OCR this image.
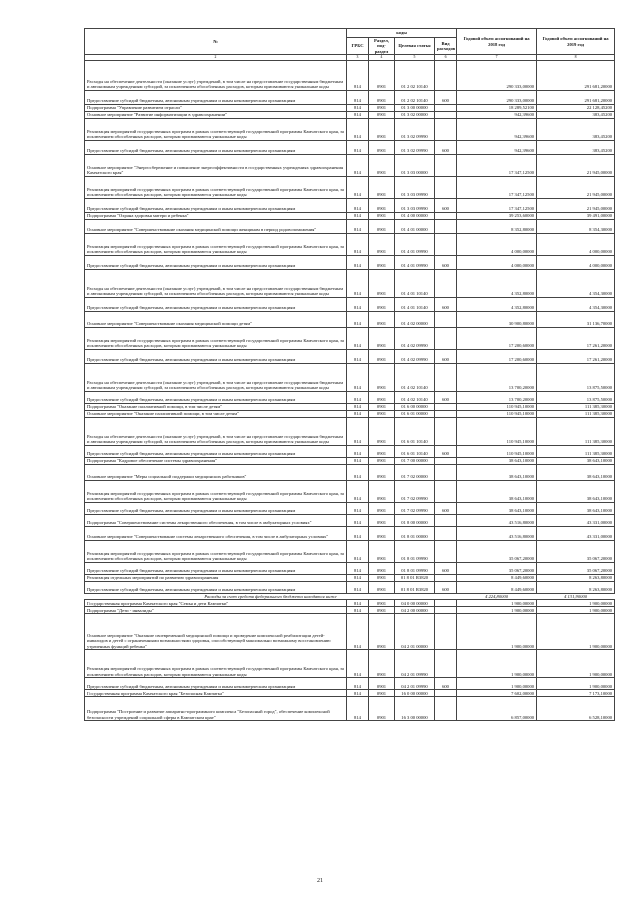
№	коды				Годовой объем ассигнований на 2018 год	Годовой объем ассигнований на 2019 год
	ГРБС	Раздел, под-раздел	Целевая статья	Вид расходов		
2	3	4	5	6	7	8
Расходы на обеспечение деятельности (оказание услуг) учреждений, в том числе на предоставление государственным бюджетным и автономным учреждениям субсидий, за исключением обособленных расходов, которым присваиваются уникальные коды	814	0901	01 2 02 10140		290 333,00000	291 681,20000
Предоставление субсидий бюджетным, автономным учреждениям и иным некоммерческим организациям	814	0901	01 2 02 10140	600	290 333,00000	291 681,20000
Подпрограмма "Управление развитием отрасли"	814	0901	01 3 00 00000		18 289,52100	22 128,45200
Основное мероприятие "Развитие информатизации в здравоохранении"	814	0901	01 3 02 00000		942,39600	383,45200
Реализация мероприятий государственных программ в рамках соответствующей государственной программы Камчатского края, за исключением обособленных расходов, которым присваиваются уникальные коды	814	0901	01 3 02 09990		942,39600	383,45200
Предоставление субсидий бюджетным, автономным учреждениям и иным некоммерческим организациям	814	0901	01 3 02 09990	600	942,39600	383,45200
Основное мероприятие "Энергосбережение и повышение энергоэффективности в государственных учреждениях здравоохранения Камчатского края"	814	0901	01 3 03 00000		17 347,12500	21 945,00000
Реализация мероприятий государственных программ в рамках соответствующей государственной программы Камчатского края, за исключением обособленных расходов, которым присваиваются уникальные коды	814	0901	01 3 03 09990		17 347,12500	21 945,00000
Предоставление субсидий бюджетным, автономным учреждениям и иным некоммерческим организациям	814	0901	01 3 03 09990	600	17 347,12500	21 945,00000
Подпрограмма "Охрана здоровья матери и ребенка"	814	0901	01 4 00 00000		39 253,60000	39 491,00000
Основное мероприятие "Совершенствование оказания медицинской помощи женщинам в период родовспоможения"	814	0901	01 4 01 00000		8 352,80000	8 354,30000
Реализация мероприятий государственных программ в рамках соответствующей государственной программы Камчатского края, за исключением обособленных расходов, которым присваиваются уникальные коды	814	0901	01 4 01 09990		4 000,00000	4 000,00000
Предоставление субсидий бюджетным, автономным учреждениям и иным некоммерческим организациям	814	0901	01 4 01 09990	600	4 000,00000	4 000,00000
Расходы на обеспечение деятельности (оказание услуг) учреждений, в том числе на предоставление государственным бюджетным и автономным учреждениям субсидий, за исключением обособленных расходов, которым присваиваются уникальные коды	814	0901	01 4 01 10140		4 352,80000	4 354,30000
Предоставление субсидий бюджетным, автономным учреждениям и иным некоммерческим организациям	814	0901	01 4 01 10140	600	4 352,80000	4 354,30000
Основное мероприятие "Совершенствование оказания медицинской помощи детям"	814	0901	01 4 02 00000		30 900,80000	31 136,70000
Реализация мероприятий государственных программ в рамках соответствующей государственной программы Камчатского края, за исключением обособленных расходов, которым присваиваются уникальные коды	814	0901	01 4 02 09990		17 200,60000	17 261,20000
Предоставление субсидий бюджетным, автономным учреждениям и иным некоммерческим организациям	814	0901	01 4 02 09990	600	17 200,60000	17 261,20000
Расходы на обеспечение деятельности (оказание услуг) учреждений, в том числе на предоставление государственным бюджетным и автономным учреждениям субсидий, за исключением обособленных расходов, которым присваиваются уникальные коды	814	0901	01 4 02 10140		13 700,20000	13 875,50000
Предоставление субсидий бюджетным, автономным учреждениям и иным некоммерческим организациям	814	0901	01 4 02 10140	600	13 700,20000	13 875,50000
Подпрограмма "Оказание паллиативной помощи, в том числе детям"	814	0901	01 6 00 00000		110 945,10000	111 385,30000
Основное мероприятие "Оказание паллиативной помощи, в том числе детям"	814	0901	01 6 01 00000		110 945,10000	111 385,30000
Расходы на обеспечение деятельности (оказание услуг) учреждений, в том числе на предоставление государственным бюджетным и автономным учреждениям субсидий, за исключением обособленных расходов, которым присваиваются уникальные коды	814	0901	01 6 01 10140		110 945,10000	111 385,30000
Предоставление субсидий бюджетным, автономным учреждениям и иным некоммерческим организациям	814	0901	01 6 01 10140	600	110 945,10000	111 385,30000
Подпрограмма "Кадровое обеспечение системы здравоохранения"	814	0901	01 7 00 00000		38 643,10000	38 643,10000
Основное мероприятие "Меры социальной поддержки медицинских работников"	814	0901	01 7 02 00000		38 643,10000	38 643,10000
Реализация мероприятий государственных программ в рамках соответствующей государственной программы Камчатского края, за исключением обособленных расходов, которым присваиваются уникальные коды	814	0901	01 7 02 09990		38 643,10000	38 643,10000
Предоставление субсидий бюджетным, автономным учреждениям и иным некоммерческим организациям	814	0901	01 7 02 09990	600	38 643,10000	38 643,10000
Подпрограмма "Совершенствование системы лекарственного обеспечения, в том числе в амбулаторных условиях"	814	0901	01 8 00 00000		43 516,80000	43 331,00000
Основное мероприятие "Совершенствование системы лекарственного обеспечения, в том числе в амбулаторных условиях"	814	0901	01 8 01 00000		43 516,80000	43 331,00000
Реализация мероприятий государственных программ в рамках соответствующей государственной программы Камчатского края, за исключением обособленных расходов, которым присваиваются уникальные коды	814	0901	01 8 01 09990		35 067,20000	35 067,20000
Предоставление субсидий бюджетным, автономным учреждениям и иным некоммерческим организациям	814	0901	01 8 01 09990	600	35 067,20000	35 067,20000
Реализация отдельных мероприятий по развитию здравоохранения	814	0901	01 8 01 R3820		8 449,60000	8 263,80000
Предоставление субсидий бюджетным, автономным учреждениям и иным некоммерческим организациям	814	0901	01 8 01 R3820	600	8 449,60000	8 263,80000
Расходы за счет средств федерального бюджета находятся ниже					4 224,80000	4 131,90000
Государственная программа Камчатского края "Семья и дети Камчатки"	814	0901	04 0 00 00000		1 900,00000	1 900,00000
Подпрограмма "Дети - инвалиды"	814	0901	04 2 00 00000		1 900,00000	1 900,00000
Основное мероприятие "Оказание своевременной медицинской помощи и проведение комплексной реабилитации детей-инвалидов и детей с ограниченными возможностями здоровья, способствующей максимально возможному восстановлению утраченных функций ребенка"	814	0901	04 2 01 00000		1 900,00000	1 900,00000
Реализация мероприятий государственных программ в рамках соответствующей государственной программы Камчатского края, за исключением обособленных расходов, которым присваиваются уникальные коды	814	0901	04 2 01 09990		1 900,00000	1 900,00000
Предоставление субсидий бюджетным, автономным учреждениям и иным некоммерческим организациям	814	0901	04 2 01 09990	600	1 900,00000	1 900,00000
Государственная программа Камчатского края "Безопасная Камчатка"	814	0901	16 0 00 00000		7 602,00000	7 173,10000
Подпрограмма "Построение и развитие аппаратно-программного комплекса "Безопасный город", обеспечение комплексной безопасности учреждений социальной сферы в Камчатском крае"	814	0901	16 3 00 00000		6 857,00000	6 528,10000
21
